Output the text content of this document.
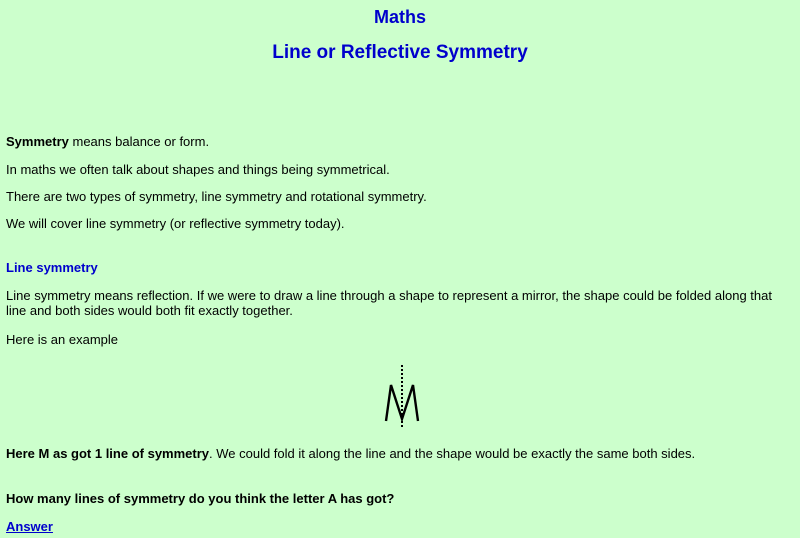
Maths
Line or Reflective Symmetry

Symmetry means balance or form.

In maths we often talk about shapes and things being symmetrical.

There are two types of symmetry, line symmetry and rotational symmetry.

We will cover line symmetry (or reflective symmetry today).

Line symmetry

Line symmetry means reflection. If we were to draw a line through a shape to represent a mirror, the shape could be folded along that line and both sides would both fit exactly together.

Here is an example

Here M as got 1 line of symmetry. We could fold it along the line and the shape would be exactly the same both sides.

How many lines of symmetry do you think the letter A has got?

Answer
